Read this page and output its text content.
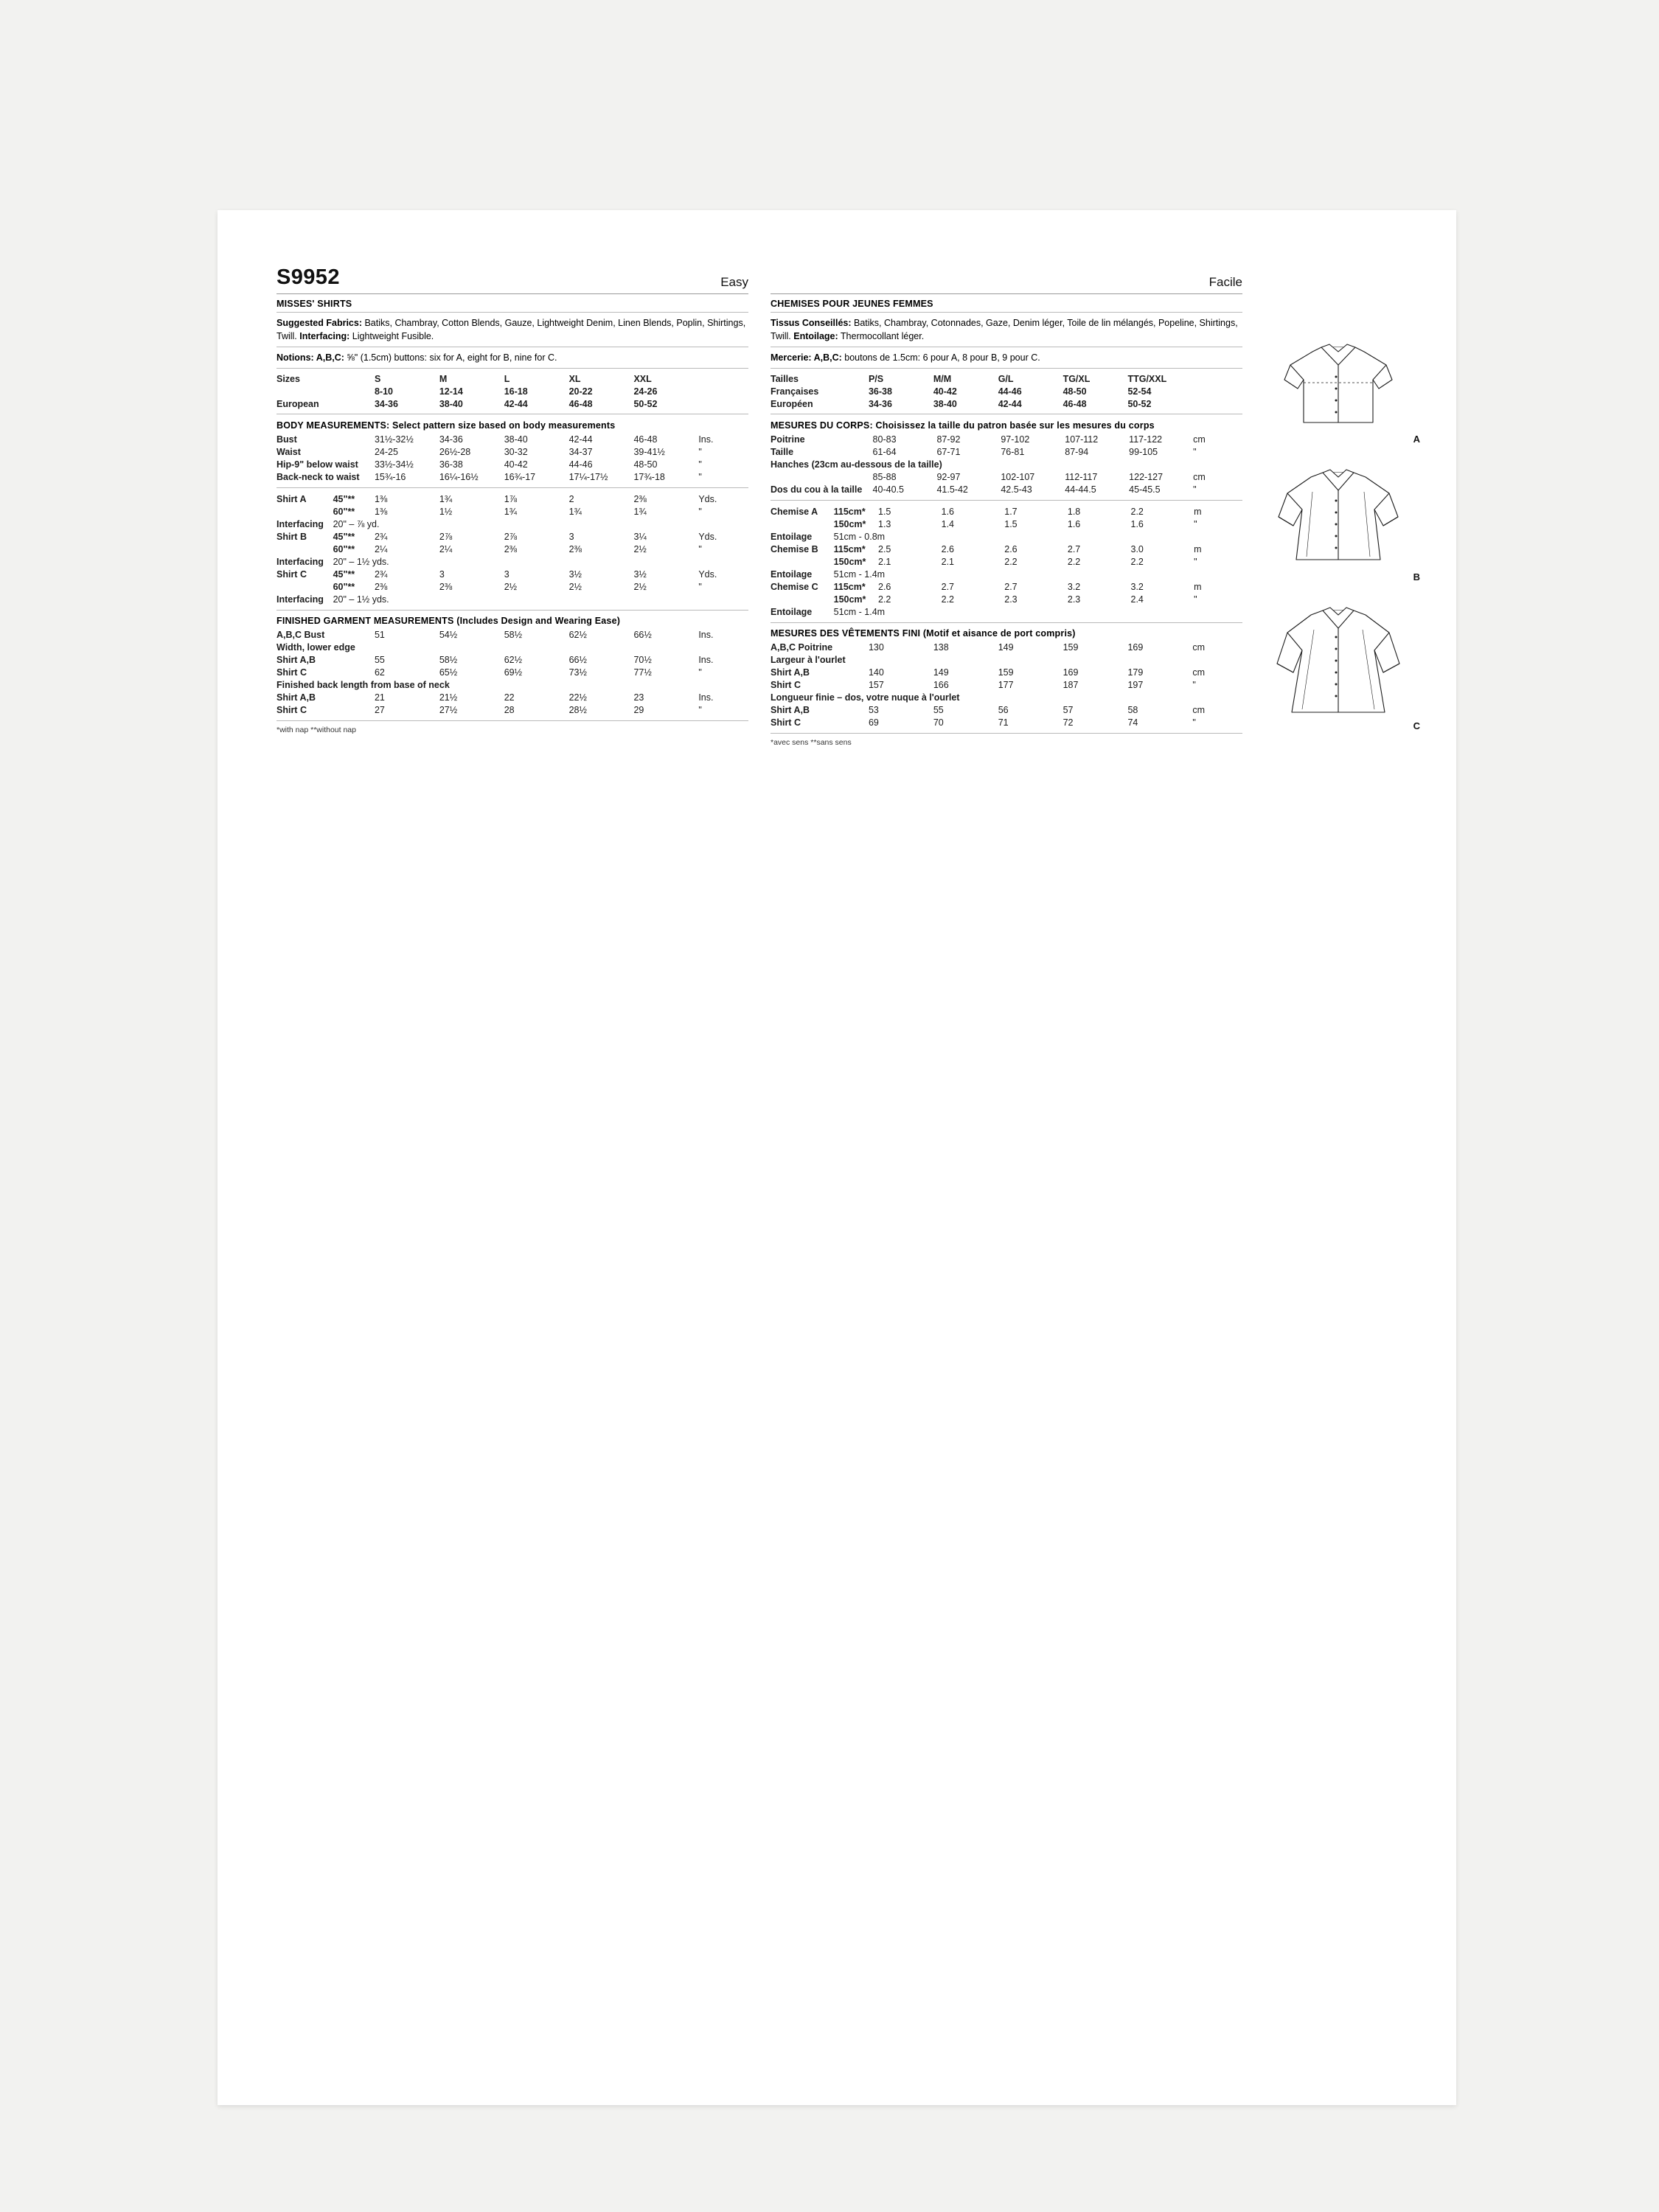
S9952	Easy
MISSES' SHIRTS
Suggested Fabrics: Batiks, Chambray, Cotton Blends, Gauze, Lightweight Denim, Linen Blends, Poplin, Shirtings, Twill. Interfacing: Lightweight Fusible.
Notions: A,B,C: ⅝" (1.5cm) buttons: six for A, eight for B, nine for C.
Sizes	S	M	L	XL	XXL	
	8-10	12-14	16-18	20-22	24-26	
European	34-36	38-40	42-44	46-48	50-52	
BODY MEASUREMENTS: Select pattern size based on body measurements
Bust	31½-32½	34-36	38-40	42-44	46-48	Ins.
Waist	24-25	26½-28	30-32	34-37	39-41½	"
Hip-9" below waist	33½-34½	36-38	40-42	44-46	48-50	"
Back-neck to waist	15¾-16	16¼-16½	16¾-17	17¼-17½	17¾-18	"
Shirt A	45"**	1⅜	1¾	1⅞	2	2⅜	Yds.
	60"**	1⅜	1½	1¾	1¾	1¾	"
Interfacing	20" – ⅞ yd.						
Shirt B	45"**	2¾	2⅞	2⅞	3	3¼	Yds.
	60"**	2¼	2¼	2⅜	2⅜	2½	"
Interfacing	20" – 1½ yds.						
Shirt C	45"**	2¾	3	3	3½	3½	Yds.
	60"**	2⅜	2⅜	2½	2½	2½	"
Interfacing	20" – 1½ yds.						
FINISHED GARMENT MEASUREMENTS (Includes Design and Wearing Ease)
A,B,C Bust	51	54½	58½	62½	66½	Ins.
Width, lower edge						
Shirt A,B	55	58½	62½	66½	70½	Ins.
Shirt C	62	65½	69½	73½	77½	"
Finished back length from base of neck						
Shirt A,B	21	21½	22	22½	23	Ins.
Shirt C	27	27½	28	28½	29	"
*with nap **without nap
Facile
CHEMISES POUR JEUNES FEMMES
Tissus Conseillés: Batiks, Chambray, Cotonnades, Gaze, Denim léger, Toile de lin mélangés, Popeline, Shirtings, Twill. Entoilage: Thermocollant léger.
Mercerie: A,B,C: boutons de 1.5cm: 6 pour A, 8 pour B, 9 pour C.
Tailles	P/S	M/M	G/L	TG/XL	TTG/XXL	
Françaises	36-38	40-42	44-46	48-50	52-54	
Européen	34-36	38-40	42-44	46-48	50-52	
MESURES DU CORPS: Choisissez la taille du patron basée sur les mesures du corps
Poitrine	80-83	87-92	97-102	107-112	117-122	cm
Taille	61-64	67-71	76-81	87-94	99-105	"
Hanches (23cm au-dessous de la taille)						
	85-88	92-97	102-107	112-117	122-127	cm
Dos du cou à la taille	40-40.5	41.5-42	42.5-43	44-44.5	45-45.5	"
Chemise A	115cm*	1.5	1.6	1.7	1.8	2.2	m
	150cm*	1.3	1.4	1.5	1.6	1.6	"
Entoilage	51cm - 0.8m						
Chemise B	115cm*	2.5	2.6	2.6	2.7	3.0	m
	150cm*	2.1	2.1	2.2	2.2	2.2	"
Entoilage	51cm - 1.4m						
Chemise C	115cm*	2.6	2.7	2.7	3.2	3.2	m
	150cm*	2.2	2.2	2.3	2.3	2.4	"
Entoilage	51cm - 1.4m						
MESURES DES VÊTEMENTS FINI (Motif et aisance de port compris)
A,B,C Poitrine	130	138	149	159	169	cm
Largeur à l'ourlet						
Shirt A,B	140	149	159	169	179	cm
Shirt C	157	166	177	187	197	"
Longueur finie – dos, votre nuque à l'ourlet						
Shirt A,B	53	55	56	57	58	cm
Shirt C	69	70	71	72	74	"
*avec sens **sans sens
A
B
C
